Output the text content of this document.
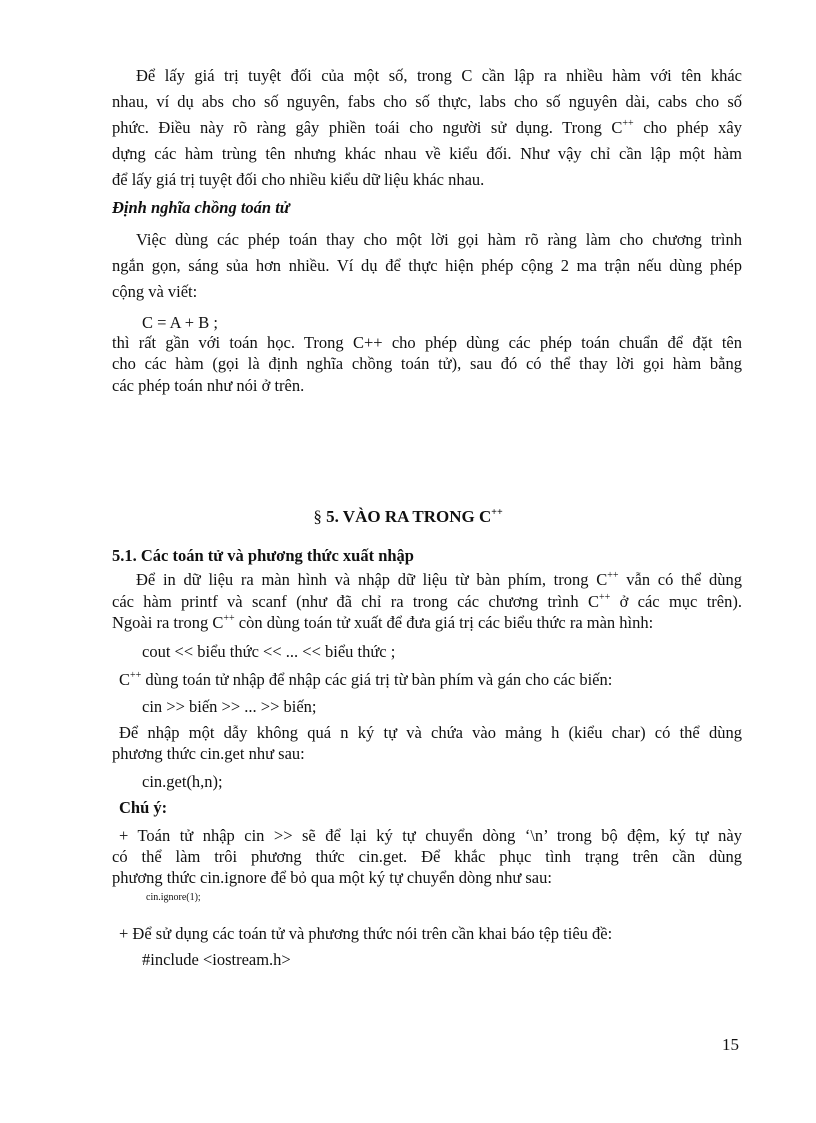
Để lấy giá trị tuyệt đối của một số, trong C cần lập ra nhiều hàm với tên khác

nhau, ví dụ abs cho số nguyên, fabs cho số thực, labs cho số nguyên dài, cabs cho số

phức. Điều này rõ ràng gây phiền toái cho người sử dụng. Trong C++ cho phép xây

dựng các hàm trùng tên nhưng khác nhau về kiểu đối. Như vậy chỉ cần lập một hàm

để lấy giá trị tuyệt đối cho nhiều kiểu dữ liệu khác nhau.

Định nghĩa chồng toán tử

Việc dùng các phép toán thay cho một lời gọi hàm rõ ràng làm cho chương trình

ngắn gọn, sáng sủa hơn nhiều. Ví dụ để thực hiện phép cộng 2 ma trận nếu dùng phép

cộng và viết:

C = A + B ;

thì rất gần với toán học. Trong C++ cho phép dùng các phép toán chuẩn để đặt tên

cho các hàm (gọi là định nghĩa chồng toán tử), sau đó có thể thay lời gọi hàm bằng

các phép toán như nói ở trên.

§ 5. VÀO RA TRONG C++
5.1. Các toán tử và phương thức xuất nhập

Để in dữ liệu ra màn hình và nhập dữ liệu từ bàn phím, trong C++ vẫn có thể dùng

các hàm printf và scanf (như đã chỉ ra trong các chương trình C++ ở các mục trên).

Ngoài ra trong C++ còn dùng toán tử xuất để đưa giá trị các biểu thức ra màn hình:

cout << biểu thức << ... << biểu thức ;

C++ dùng toán tử nhập để nhập các giá trị từ bàn phím và gán cho các biến:

cin >> biến >> ... >> biến;

Để nhập một dẫy không quá n ký tự và chứa vào mảng h (kiểu char) có thể dùng

phương thức cin.get như sau:

cin.get(h,n);

Chú ý:

+ Toán tử nhập cin >> sẽ để lại ký tự chuyển dòng ‘\n’ trong bộ đệm, ký tự này

có thể làm trôi phương thức cin.get. Để khắc phục tình trạng trên cần dùng

phương thức cin.ignore để bỏ qua một ký tự chuyển dòng như sau:

cin.ignore(1);

+ Để sử dụng các toán tử và phương thức nói trên cần khai báo tệp tiêu đề:

#include <iostream.h>

15
